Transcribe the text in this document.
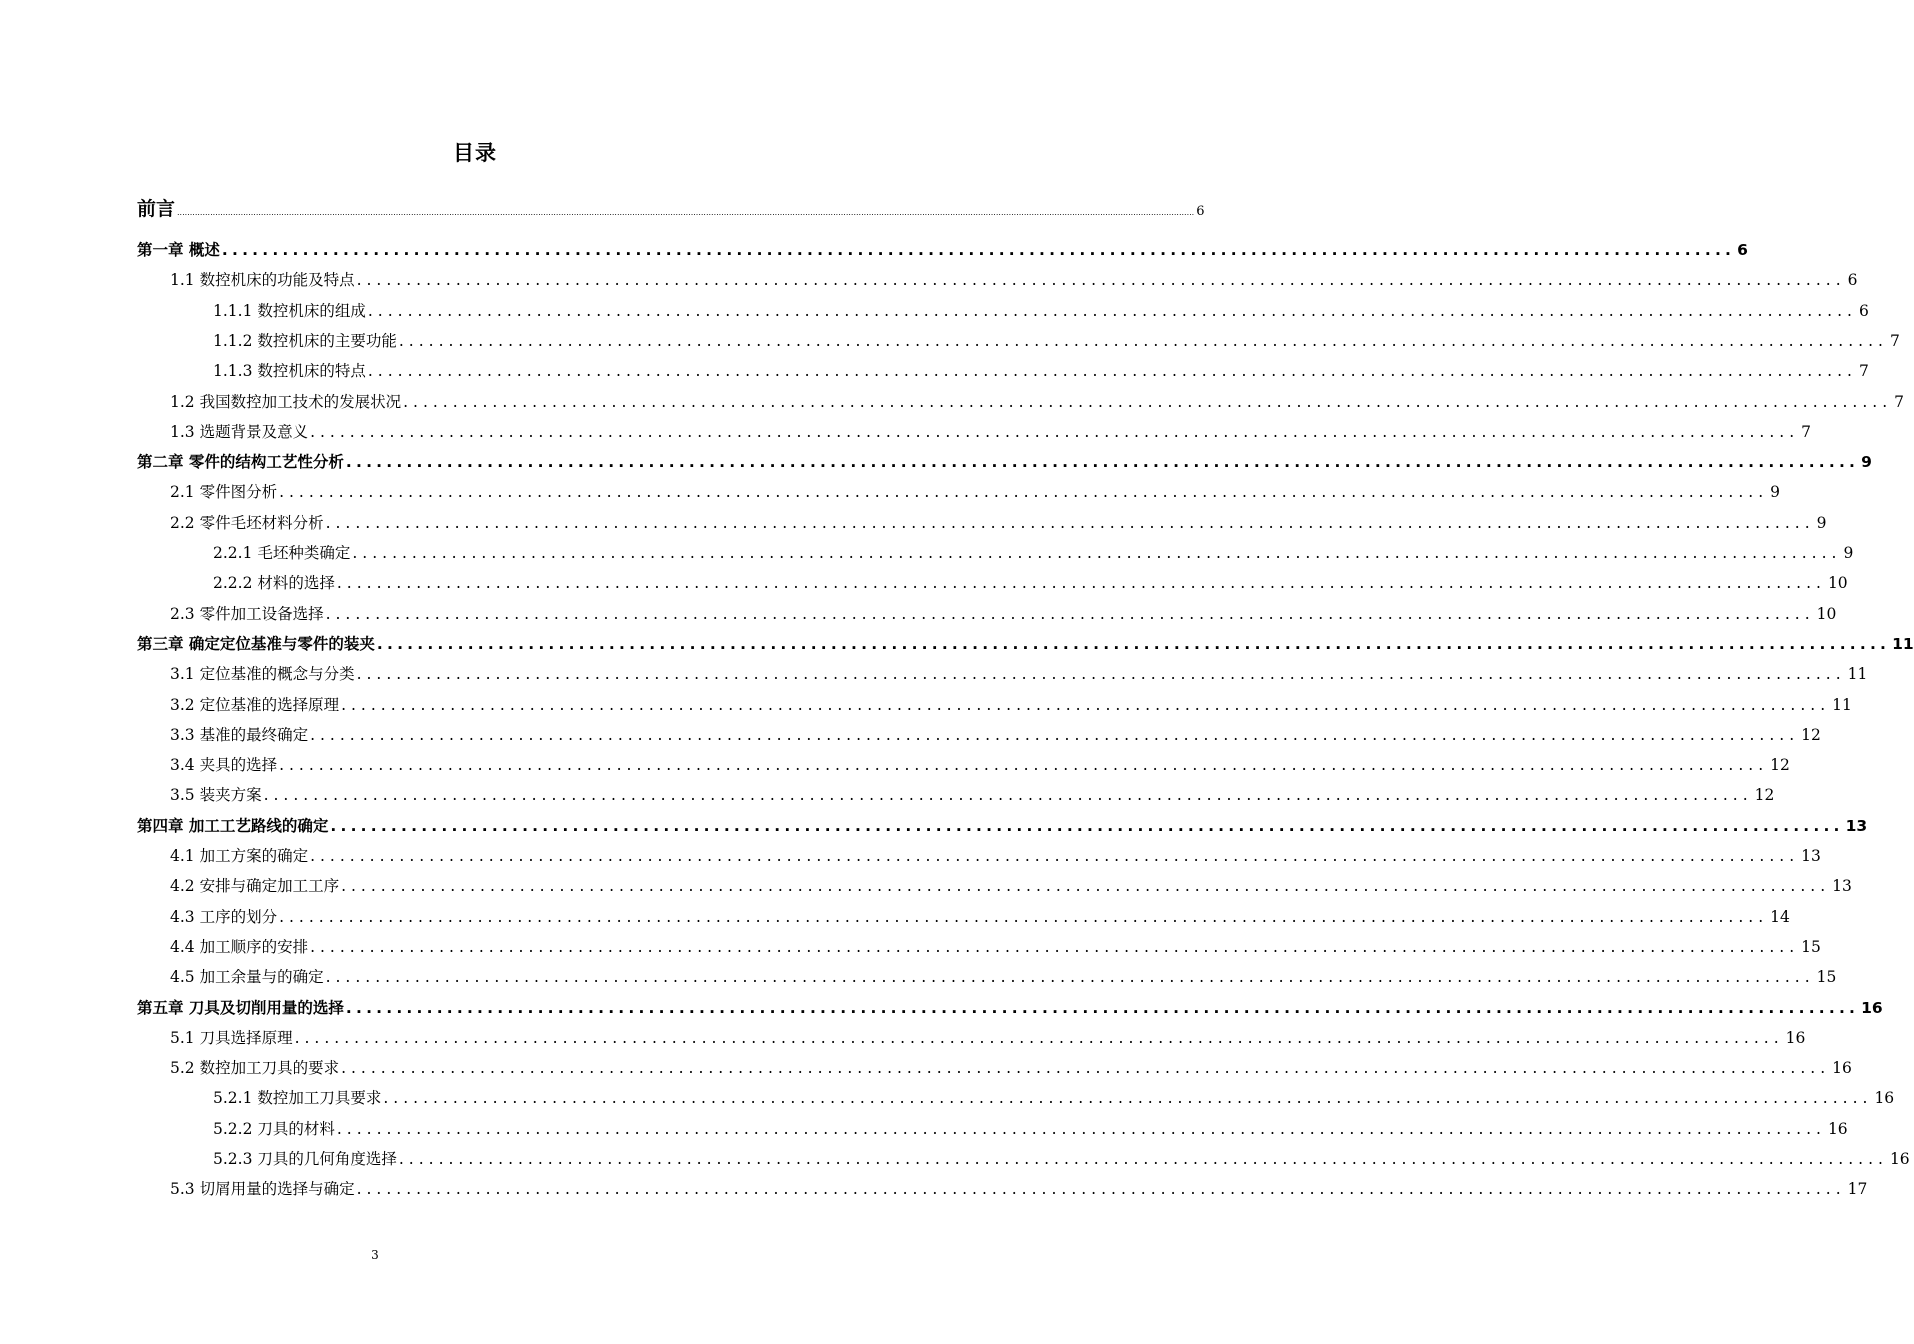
目录
前言 ................................................................................................................................................................................................................................................................................................................................................................................................................ 6
第一章 概述 ...................................................................................................................................................... 6
1.1 数控机床的功能及特点 ...................................................................................................................................................... 6
1.1.1 数控机床的组成 ...................................................................................................................................................... 6
1.1.2 数控机床的主要功能 ...................................................................................................................................................... 7
1.1.3 数控机床的特点 ...................................................................................................................................................... 7
1.2 我国数控加工技术的发展状况 ...................................................................................................................................................... 7
1.3 选题背景及意义 ...................................................................................................................................................... 7
第二章 零件的结构工艺性分析 ...................................................................................................................................................... 9
2.1 零件图分析 ...................................................................................................................................................... 9
2.2 零件毛坯材料分析 ...................................................................................................................................................... 9
2.2.1 毛坯种类确定 ...................................................................................................................................................... 9
2.2.2 材料的选择 ...................................................................................................................................................... 10
2.3 零件加工设备选择 ...................................................................................................................................................... 10
第三章 确定定位基准与零件的装夹 ...................................................................................................................................................... 11
3.1 定位基准的概念与分类 ...................................................................................................................................................... 11
3.2 定位基准的选择原理 ...................................................................................................................................................... 11
3.3 基准的最终确定 ...................................................................................................................................................... 12
3.4 夹具的选择 ...................................................................................................................................................... 12
3.5 装夹方案 ...................................................................................................................................................... 12
第四章 加工工艺路线的确定 ...................................................................................................................................................... 13
4.1 加工方案的确定 ...................................................................................................................................................... 13
4.2 安排与确定加工工序 ...................................................................................................................................................... 13
4.3 工序的划分 ...................................................................................................................................................... 14
4.4 加工顺序的安排 ...................................................................................................................................................... 15
4.5 加工余量与的确定 ...................................................................................................................................................... 15
第五章 刀具及切削用量的选择 ...................................................................................................................................................... 16
5.1 刀具选择原理 ...................................................................................................................................................... 16
5.2 数控加工刀具的要求 ...................................................................................................................................................... 16
5.2.1 数控加工刀具要求 ...................................................................................................................................................... 16
5.2.2 刀具的材料 ...................................................................................................................................................... 16
5.2.3 刀具的几何角度选择 ...................................................................................................................................................... 16
5.3 切屑用量的选择与确定 ...................................................................................................................................................... 17
3
